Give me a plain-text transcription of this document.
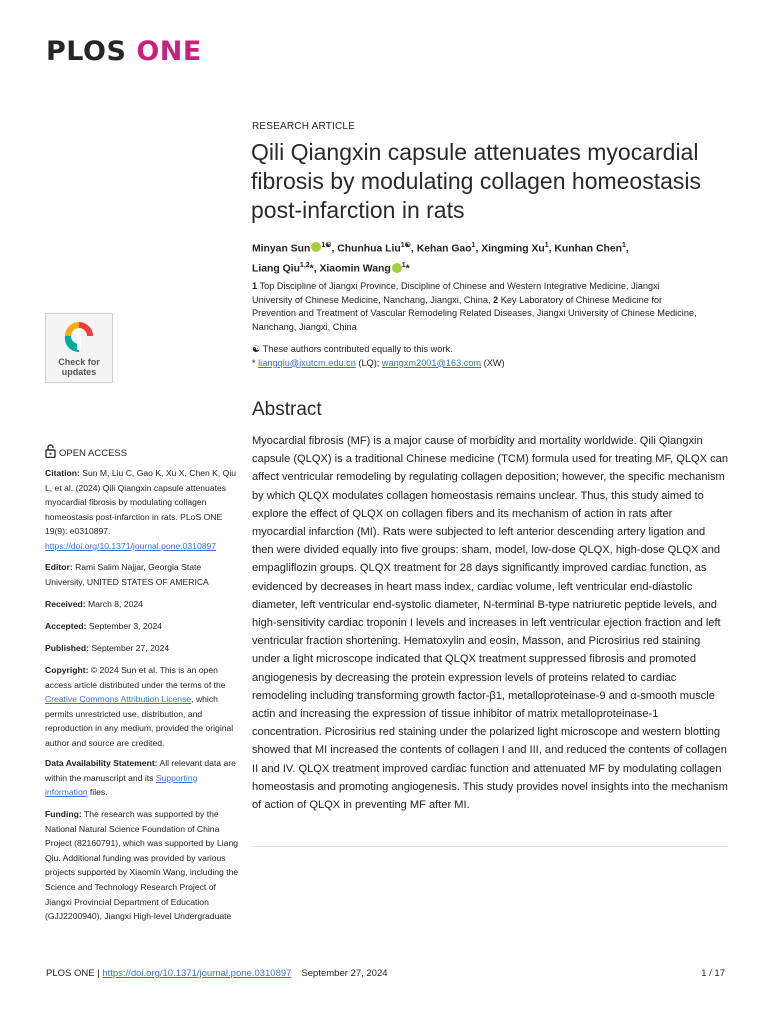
PLOS ONE
RESEARCH ARTICLE
Qili Qiangxin capsule attenuates myocardial fibrosis by modulating collagen homeostasis post-infarction in rats
Minyan Sun $^{1☯}$, Chunhua Liu$^{1☯}$, Kehan Gao$^1$, Xingming Xu$^1$, Kunhan Chen$^1$,
Liang Qiu$^{1,2}$*, Xiaomin Wang $^1$*
1 Top Discipline of Jiangxi Province, Discipline of Chinese and Western Integrative Medicine, Jiangxi University of Chinese Medicine, Nanchang, Jiangxi, China, 2 Key Laboratory of Chinese Medicine for Prevention and Treatment of Vascular Remodeling Related Diseases, Jiangxi University of Chinese Medicine, Nanchang, Jiangxi, China
☯ These authors contributed equally to this work.
* liangqiu@jxutcm.edu.cn (LQ); wangxm2001@163.com (XW)
Check for
updates
Abstract
Myocardial fibrosis (MF) is a major cause of morbidity and mortality worldwide. Qili Qiangxin capsule (QLQX) is a traditional Chinese medicine (TCM) formula used for treating MF, QLQX can affect ventricular remodeling by regulating collagen deposition; however, the specific mechanism by which QLQX modulates collagen homeostasis remains unclear. Thus, this study aimed to explore the effect of QLQX on collagen fibers and its mechanism of action in rats after myocardial infarction (MI). Rats were subjected to left anterior descending artery ligation and then were divided equally into five groups: sham, model, low-dose QLQX, high-dose QLQX and empagliflozin groups. QLQX treatment for 28 days significantly improved cardiac function, as evidenced by decreases in heart mass index, cardiac volume, left ventricular end-diastolic diameter, left ventricular end-systolic diameter, N-terminal B-type natriuretic peptide levels, and high-sensitivity cardiac troponin I levels and increases in left ventricular ejection fraction and left ventricular fraction shortening. Hematoxylin and eosin, Masson, and Picrosirius red staining under a light microscope indicated that QLQX treatment suppressed fibrosis and promoted angiogenesis by decreasing the protein expression levels of proteins related to cardiac remodeling including transforming growth factor-β1, metalloproteinase-9 and α-smooth muscle actin and increasing the expression of tissue inhibitor of matrix metalloproteinase-1 concentration. Picrosirius red staining under the polarized light microscope and western blotting showed that MI increased the contents of collagen I and III, and reduced the contents of collagen II and IV. QLQX treatment improved cardiac function and attenuated MF by modulating collagen homeostasis and promoting angiogenesis. This study provides novel insights into the mechanism of action of QLQX in preventing MF after MI.
OPEN ACCESS
Citation: Sun M, Liu C, Gao K, Xu X, Chen K, Qiu L, et al. (2024) Qili Qiangxin capsule attenuates myocardial fibrosis by modulating collagen homeostasis post-infarction in rats. PLoS ONE 19(9): e0310897. https://doi.org/10.1371/journal.pone.0310897
Editor: Rami Salim Najjar, Georgia State University, UNITED STATES OF AMERICA
Received: March 8, 2024
Accepted: September 3, 2024
Published: September 27, 2024
Copyright: © 2024 Sun et al. This is an open access article distributed under the terms of the Creative Commons Attribution License, which permits unrestricted use, distribution, and reproduction in any medium, provided the original author and source are credited.
Data Availability Statement: All relevant data are within the manuscript and its Supporting information files.
Funding: The research was supported by the National Natural Science Foundation of China Project (82160791), which was supported by Liang Qiu. Additional funding was provided by various projects supported by Xiaomin Wang, including the Science and Technology Research Project of Jiangxi Provincial Department of Education (GJJ2200940), Jiangxi High-level Undergraduate
PLOS ONE | https://doi.org/10.1371/journal.pone.0310897 September 27, 2024	1 / 17
